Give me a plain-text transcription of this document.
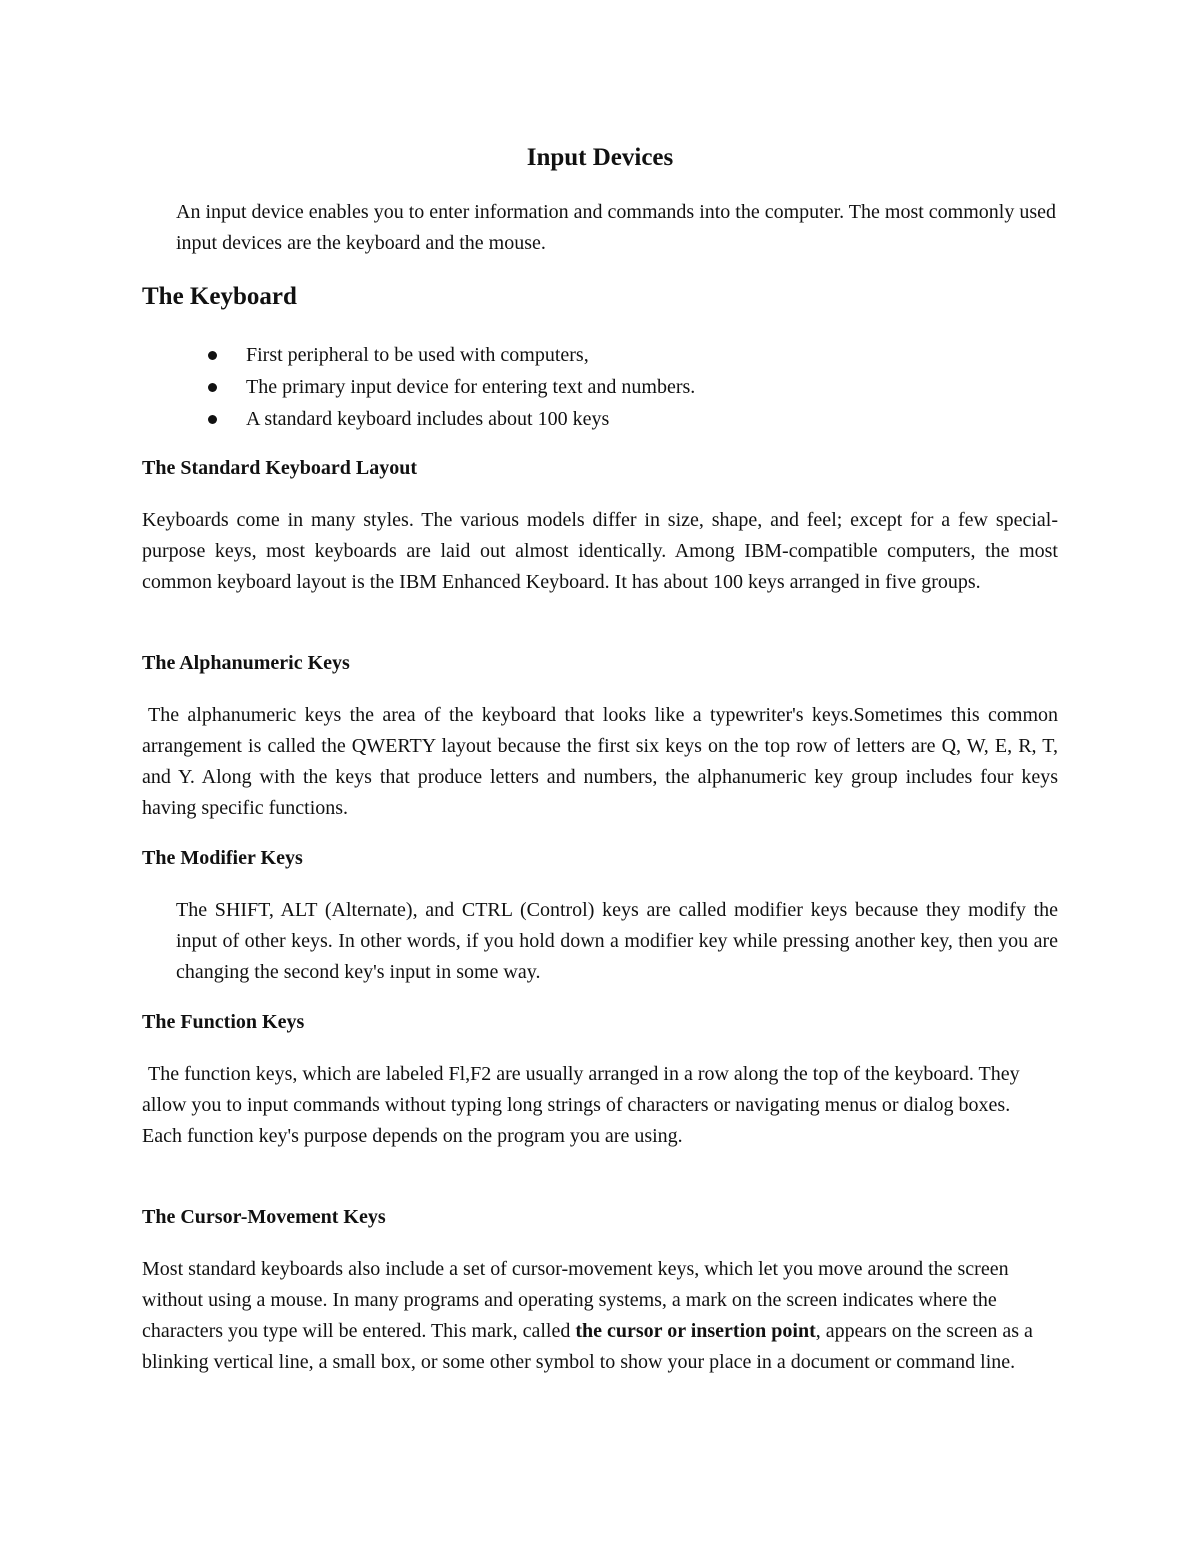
Input Devices

An input device enables you to enter information and commands into the computer. The most commonly used input devices are the keyboard and the mouse.

The Keyboard
First peripheral to be used with computers,
The primary input device for entering text and numbers.
A standard keyboard includes about 100 keys
The Standard Keyboard Layout

Keyboards come in many styles. The various models differ in size, shape, and feel; except for a few special-purpose keys, most keyboards are laid out almost identically. Among IBM-compatible computers, the most common keyboard layout is the IBM Enhanced Keyboard. It has about 100 keys arranged in five groups.

The Alphanumeric Keys

The alphanumeric keys the area of the keyboard that looks like a typewriter's keys.Sometimes this common arrangement is called the QWERTY layout because the first six keys on the top row of letters are Q, W, E, R, T, and Y. Along with the keys that produce letters and numbers, the alphanumeric key group includes four keys having specific functions.

The Modifier Keys

The SHIFT, ALT (Alternate), and CTRL (Control) keys are called modifier keys because they modify the input of other keys. In other words, if you hold down a modifier key while pressing another key, then you are changing the second key's input in some way.

The Function Keys

The function keys, which are labeled Fl,F2 are usually arranged in a row along the top of the keyboard. They allow you to input commands without typing long strings of characters or navigating menus or dialog boxes. Each function key's purpose depends on the program you are using.

The Cursor-Movement Keys

Most standard keyboards also include a set of cursor-movement keys, which let you move around the screen without using a mouse. In many programs and operating systems, a mark on the screen indicates where the characters you type will be entered. This mark, called the cursor or insertion point, appears on the screen as a blinking vertical line, a small box, or some other symbol to show your place in a document or command line.
